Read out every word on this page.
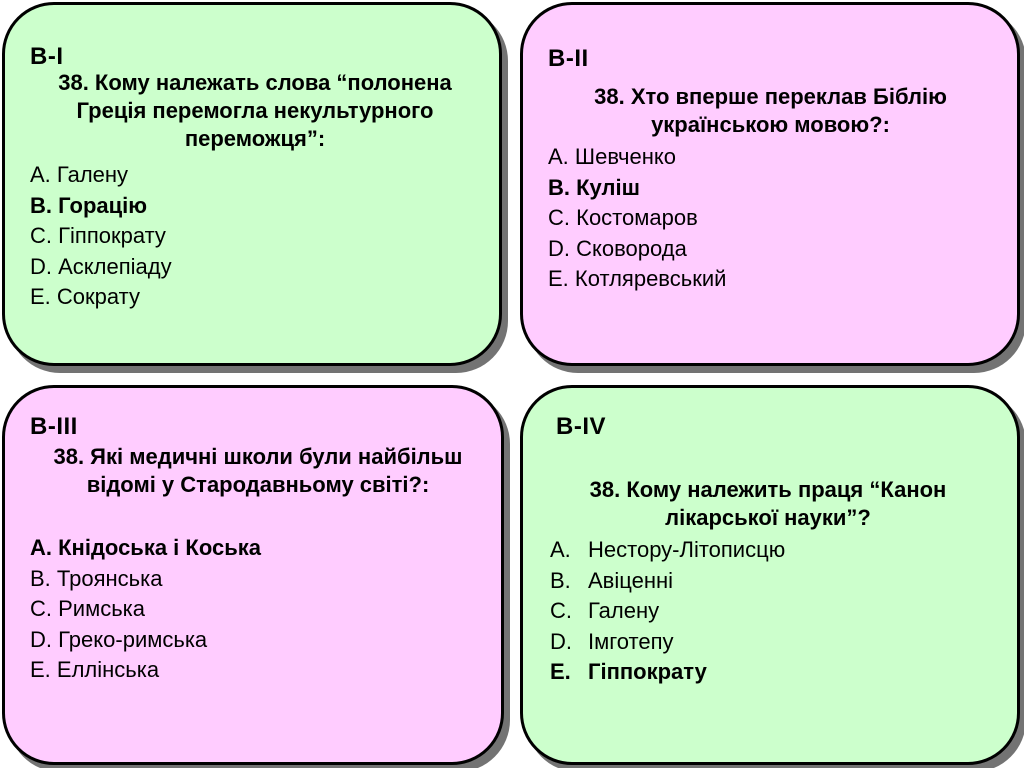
В-І
38. Кому належать слова “полонена Греція перемогла некультурного переможця”:
А. Галену
В. Горацію
С. Гіппократу
D. Асклепіаду
Е. Сократу
В-ІІ
38. Хто вперше переклав Біблію українською мовою?:
А. Шевченко
В. Куліш
С. Костомаров
D. Сковорода
Е. Котляревський
В-ІІІ
38. Які медичні школи були найбільш відомі у Стародавньому світі?:
А. Кнідоська і Коська
В. Троянська
С. Римська
D. Греко-римська
Е. Еллінська
В-IV
38. Кому належить праця “Канон лікарської науки”?
A. Нестору-Літописцю
B. Авіценні
C. Галену
D. Імготепу
E. Гіппократу
